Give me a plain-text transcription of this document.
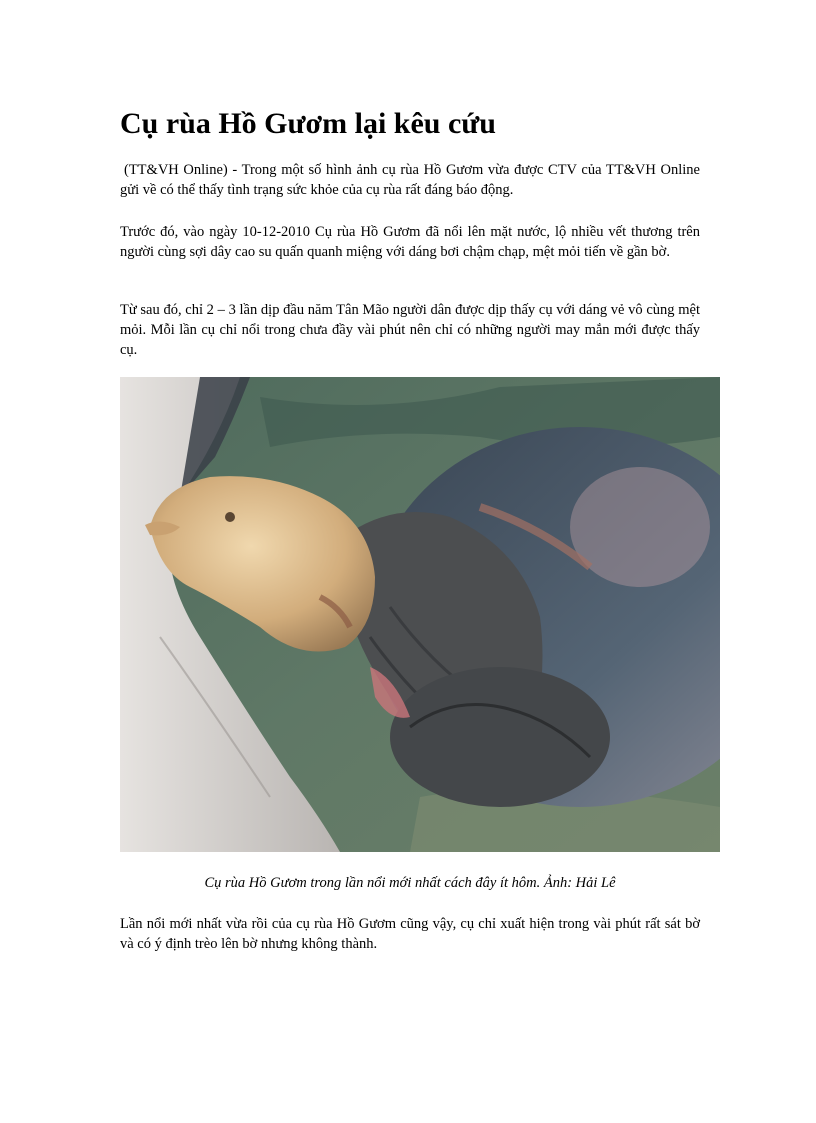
Cụ rùa Hồ Gươm lại kêu cứu

(TT&VH Online) - Trong một số hình ảnh cụ rùa Hồ Gươm vừa được CTV của TT&VH Online gửi về có thể thấy tình trạng sức khỏe của cụ rùa rất đáng báo động.

Trước đó, vào ngày 10-12-2010 Cụ rùa Hồ Gươm đã nổi lên mặt nước, lộ nhiều vết thương trên người cùng sợi dây cao su quấn quanh miệng với dáng bơi chậm chạp, mệt mỏi tiến về gần bờ.

Từ sau đó, chỉ 2 – 3 lần dịp đầu năm Tân Mão người dân được dịp thấy cụ với dáng vẻ vô cùng mệt mỏi. Mỗi lần cụ chỉ nổi trong chưa đầy vài phút nên chỉ có những người may mắn mới được thấy cụ.

Cụ rùa Hồ Gươm trong lần nổi mới nhất cách đây ít hôm. Ảnh: Hải Lê

Lần nổi mới nhất vừa rồi của cụ rùa Hồ Gươm cũng vậy, cụ chỉ xuất hiện trong vài phút rất sát bờ và có ý định trèo lên bờ nhưng không thành.
